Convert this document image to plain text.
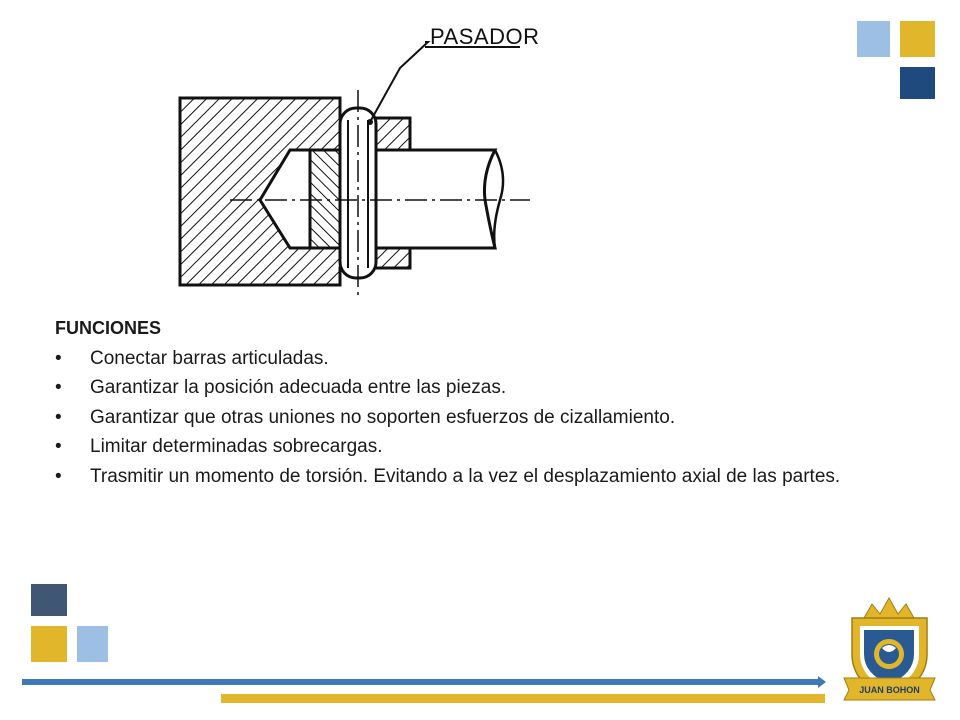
PASADOR
FUNCIONES
• Conectar barras articuladas.
• Garantizar la posición adecuada entre las piezas.
• Garantizar que otras uniones no soporten esfuerzos de cizallamiento.
• Limitar determinadas sobrecargas.
• Trasmitir un momento de torsión. Evitando a la vez el desplazamiento axial de las partes.
JUAN BOHON
